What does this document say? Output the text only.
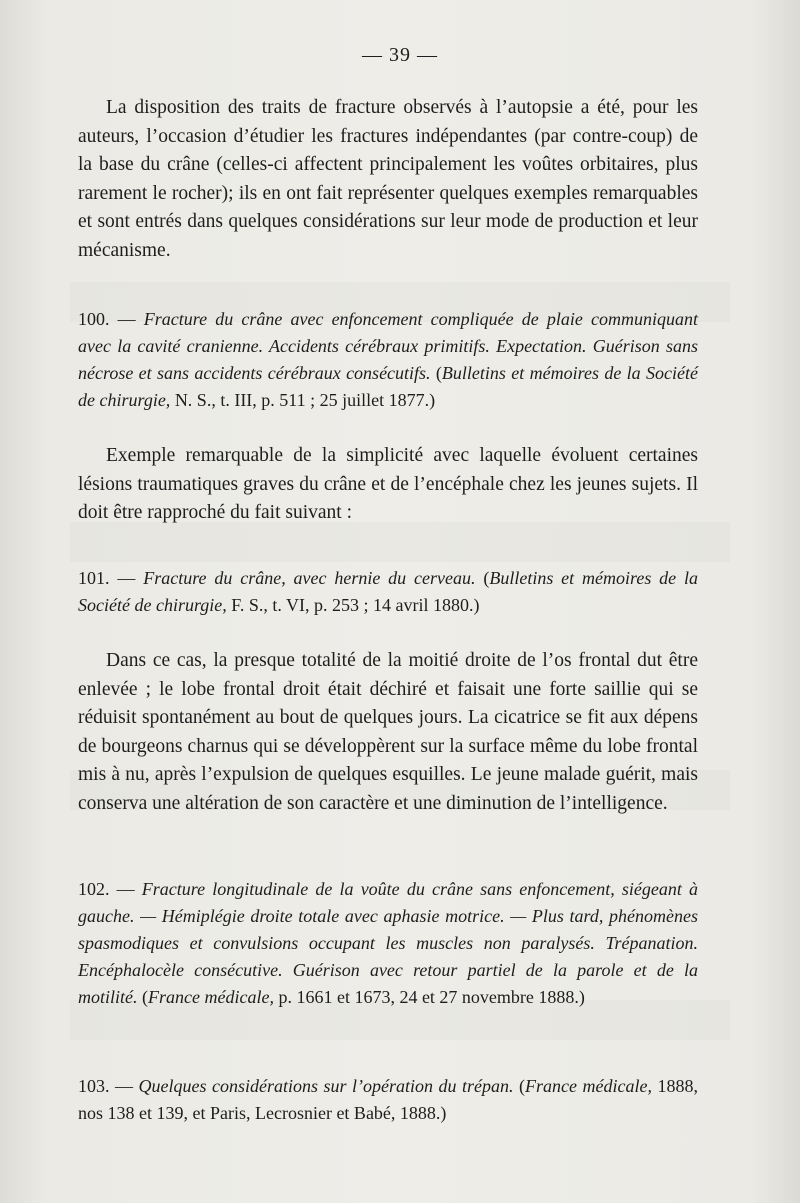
— 39 —
La disposition des traits de fracture observés à l’autopsie a été, pour les auteurs, l’occasion d’étudier les fractures indépendantes (par contre-coup) de la base du crâne (celles-ci affectent principalement les voûtes orbitaires, plus rarement le rocher); ils en ont fait représenter quelques exemples remarquables et sont entrés dans quelques considérations sur leur mode de production et leur mécanisme.
100. — Fracture du crâne avec enfoncement compliquée de plaie communiquant avec la cavité cranienne. Accidents cérébraux primitifs. Expectation. Guérison sans nécrose et sans accidents cérébraux consécutifs. (Bulletins et mémoires de la Société de chirurgie, N. S., t. III, p. 511 ; 25 juillet 1877.)
Exemple remarquable de la simplicité avec laquelle évoluent certaines lésions traumatiques graves du crâne et de l’encéphale chez les jeunes sujets. Il doit être rapproché du fait suivant :
101. — Fracture du crâne, avec hernie du cerveau. (Bulletins et mémoires de la Société de chirurgie, F. S., t. VI, p. 253 ; 14 avril 1880.)
Dans ce cas, la presque totalité de la moitié droite de l’os frontal dut être enlevée ; le lobe frontal droit était déchiré et faisait une forte saillie qui se réduisit spontanément au bout de quelques jours. La cicatrice se fit aux dépens de bourgeons charnus qui se développèrent sur la surface même du lobe frontal mis à nu, après l’expulsion de quelques esquilles. Le jeune malade guérit, mais conserva une altération de son caractère et une diminution de l’intelligence.
102. — Fracture longitudinale de la voûte du crâne sans enfoncement, siégeant à gauche. — Hémiplégie droite totale avec aphasie motrice. — Plus tard, phénomènes spasmodiques et convulsions occupant les muscles non paralysés. Trépanation. Encéphalocèle consécutive. Guérison avec retour partiel de la parole et de la motilité. (France médicale, p. 1661 et 1673, 24 et 27 novembre 1888.)
103. — Quelques considérations sur l’opération du trépan. (France médicale, 1888, nos 138 et 139, et Paris, Lecrosnier et Babé, 1888.)
